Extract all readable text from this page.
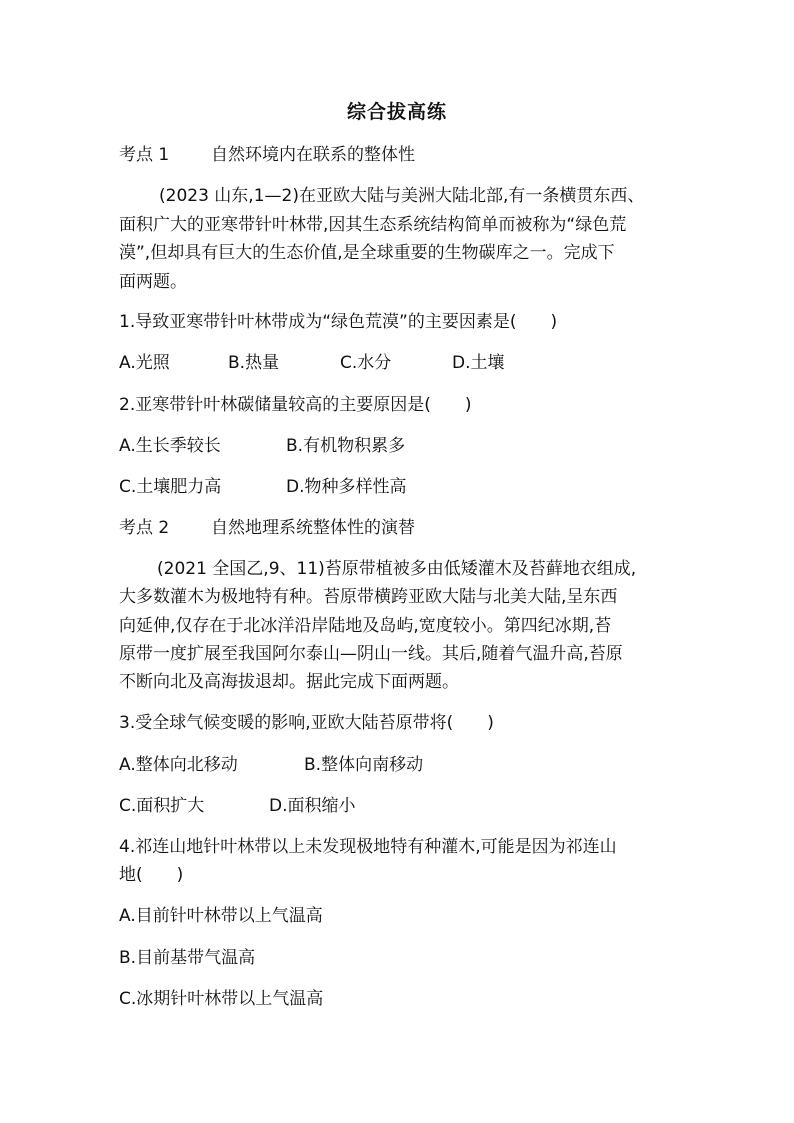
综合拔高练
考点 1 自然环境内在联系的整体性
(2023 山东,1—2)在亚欧大陆与美洲大陆北部,有一条横贯东西、
面积广大的亚寒带针叶林带,因其生态系统结构简单而被称为“绿色荒
漠”,但却具有巨大的生态价值,是全球重要的生物碳库之一。完成下
面两题。
1.导致亚寒带针叶林带成为“绿色荒漠”的主要因素是(　　)
A.光照	B.热量	C.水分	D.土壤
2.亚寒带针叶林碳储量较高的主要原因是(　　)
A.生长季较长	B.有机物积累多
C.土壤肥力高	D.物种多样性高
考点 2 自然地理系统整体性的演替
(2021 全国乙,9、11)苔原带植被多由低矮灌木及苔藓地衣组成,
大多数灌木为极地特有种。苔原带横跨亚欧大陆与北美大陆,呈东西
向延伸,仅存在于北冰洋沿岸陆地及岛屿,宽度较小。第四纪冰期,苔
原带一度扩展至我国阿尔泰山—阴山一线。其后,随着气温升高,苔原
不断向北及高海拔退却。据此完成下面两题。
3.受全球气候变暖的影响,亚欧大陆苔原带将(　　)
A.整体向北移动	B.整体向南移动
C.面积扩大	D.面积缩小
4.祁连山地针叶林带以上未发现极地特有种灌木,可能是因为祁连山
地(　　)
A.目前针叶林带以上气温高
B.目前基带气温高
C.冰期针叶林带以上气温高
